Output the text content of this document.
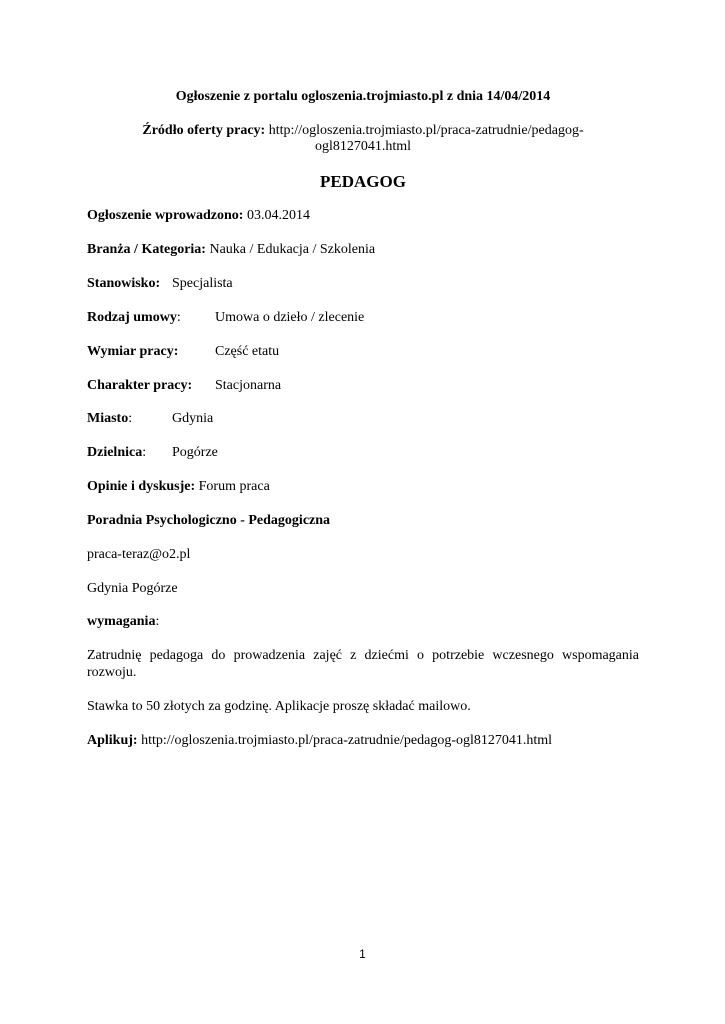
Ogłoszenie z portalu ogloszenia.trojmiasto.pl z dnia 14/04/2014
Źródło oferty pracy: http://ogloszenia.trojmiasto.pl/praca-zatrudnie/pedagog-
ogl8127041.html
PEDAGOG
Ogłoszenie wprowadzono: 03.04.2014
Branża / Kategoria: Nauka / Edukacja / Szkolenia
Stanowisko: Specjalista
Rodzaj umowy: Umowa o dzieło / zlecenie
Wymiar pracy:	Część etatu
Charakter pracy: Stacjonarna
Miasto:	Gdynia
Dzielnica: Pogórze
Opinie i dyskusje: Forum praca
Poradnia Psychologiczno - Pedagogiczna
praca-teraz@o2.pl
Gdynia Pogórze
wymagania:
Zatrudnię pedagoga do prowadzenia zajęć z dziećmi o potrzebie wczesnego wspomagania rozwoju.
Stawka to 50 złotych za godzinę. Aplikacje proszę składać mailowo.
Aplikuj: http://ogloszenia.trojmiasto.pl/praca-zatrudnie/pedagog-ogl8127041.html
1
